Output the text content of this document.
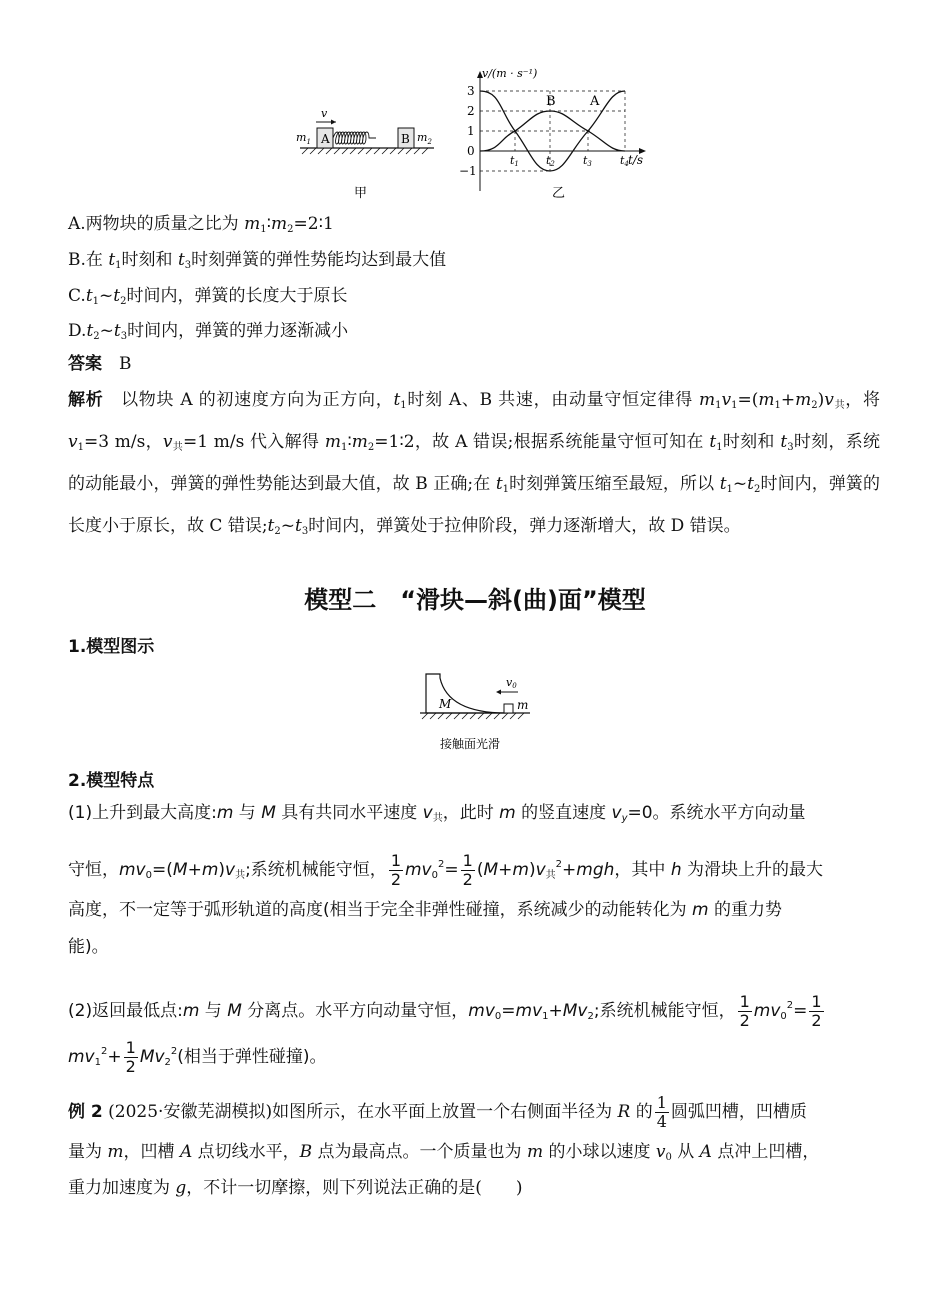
A	B
$m_1$	$m_2$
v
甲
v/(m · s⁻¹)
3
2
1
0
−1
t1 t2	t3	t4 t/s
A
B
乙
A.两物块的质量之比为 $m_1∶m_2=2∶1$
B.在 $t_1$时刻和 $t_3$时刻弹簧的弹性势能均达到最大值
$C.t_1\sim t_2$时间内，弹簧的长度大于原长
$D.t_2\sim t_3$时间内，弹簧的弹力逐渐减小
答案　 B
解析　以物块 A 的初速度方向为正方向，$t_1$时刻 A、B 共速，由动量守恒定律得 $m_1v_1=(m_1+m_2)v_共$，将 $v_1=3$ m/s，$v_共=1$ m/s 代入解得 $m_1∶m_2=1∶2$，故 A 错误;根据系统能量守恒可知在 $t_1$时刻和 $t_3$时刻，系统的动能最小，弹簧的弹性势能达到最大值，故 B 正确;在 $t_1$时刻弹簧压缩至最短，所以 $t_1\sim t_2$时间内，弹簧的长度小于原长，故 C 错误$;t_2\sim t_3$时间内，弹簧处于拉伸阶段，弹力逐渐增大，故 D 错误。
模型二　“滑块—斜(曲)面”模型
1.模型图示
M	m
v0
接触面光滑
2.模型特点
(1)上升到最大高度:m 与 M 具有共同水平速度 $v_共$，此时 m 的竖直速度 $v_y=0$。系统水平方向动量
守恒，$mv_0=(M+m)v_共$;系统机械能守恒， $\frac{1}{2} mv_0^2= \frac{1}{2} (M+m)v_共^2+mgh$，其中 h 为滑块上升的最大
高度，不一定等于弧形轨道的高度(相当于完全非弹性碰撞，系统减少的动能转化为 m 的重力势
能)。
(2)返回最低点:m 与 M 分离点。水平方向动量守恒，$mv_0=mv_1+Mv_2$;系统机械能守恒， $\frac{1}{2} mv_0^2= \frac{1}{2}$
$mv_1^2+ \frac{1}{2} Mv_2^2$(相当于弹性碰撞)。
例 2 (2025·安徽芜湖模拟)如图所示，在水平面上放置一个右侧面半径为 R 的 $\frac{1}{4}$ 圆弧凹槽，凹槽质
量为 m，凹槽 A 点切线水平，B 点为最高点。一个质量也为 m 的小球以速度 $v_0$ 从 A 点冲上凹槽，
重力加速度为 g，不计一切摩擦，则下列说法正确的是(　　)
